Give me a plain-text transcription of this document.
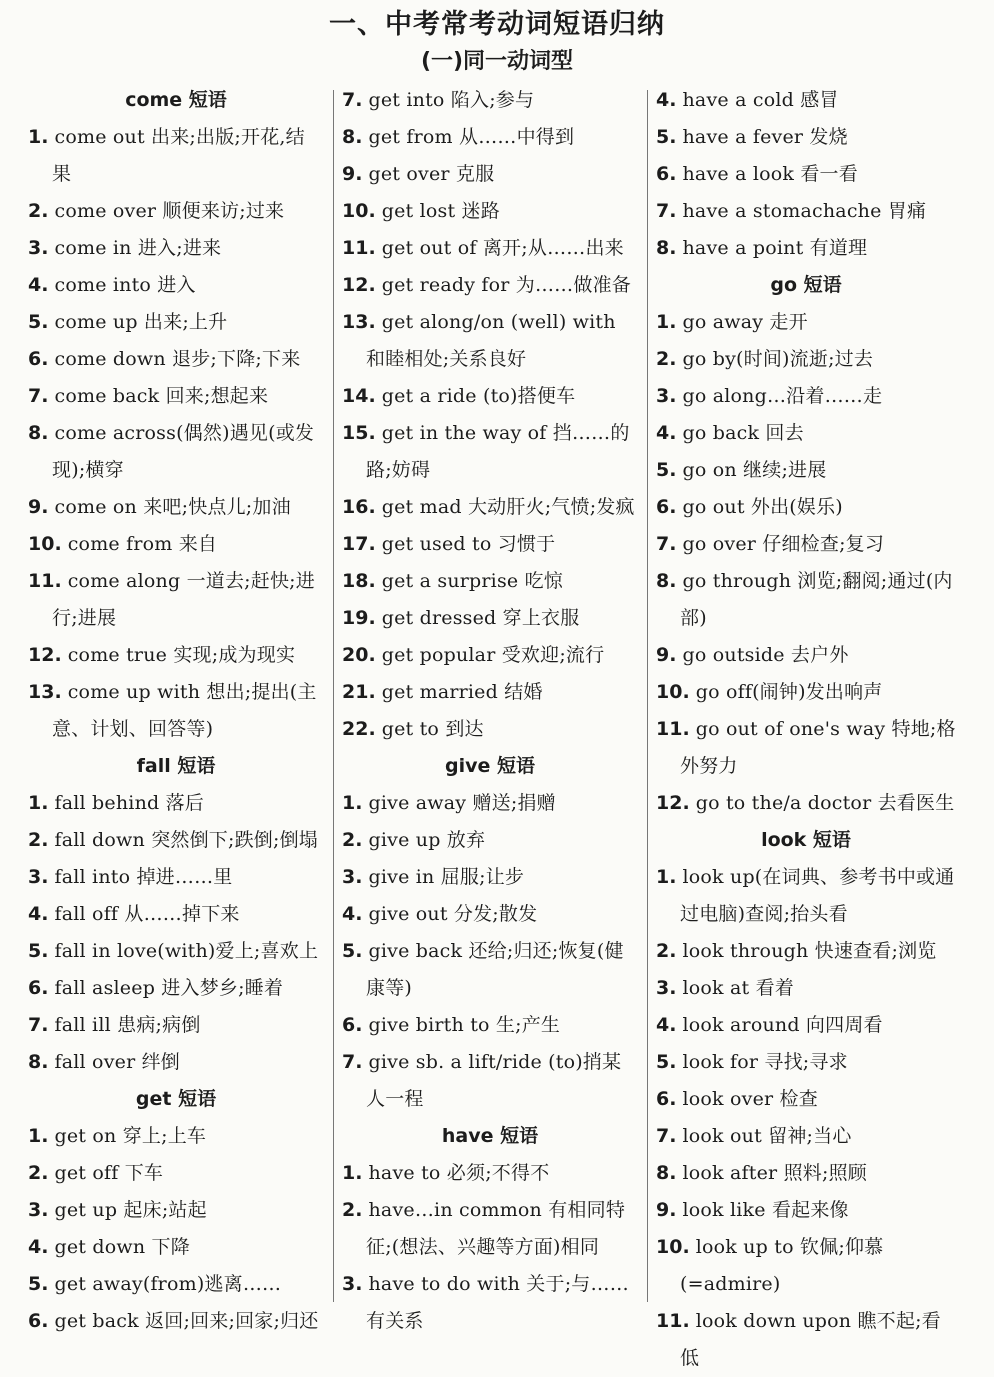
一、中考常考动词短语归纳
(一)同一动词型
come 短语
1. come out 出来;出版;开花,结果
2. come over 顺便来访;过来
3. come in 进入;进来
4. come into 进入
5. come up 出来;上升
6. come down 退步;下降;下来
7. come back 回来;想起来
8. come across(偶然)遇见(或发现);横穿
9. come on 来吧;快点儿;加油
10. come from 来自
11. come along 一道去;赶快;进行;进展
12. come true 实现;成为现实
13. come up with 想出;提出(主意、计划、回答等)
fall 短语
1. fall behind 落后
2. fall down 突然倒下;跌倒;倒塌
3. fall into 掉进……里
4. fall off 从……掉下来
5. fall in love(with)爱上;喜欢上
6. fall asleep 进入梦乡;睡着
7. fall ill 患病;病倒
8. fall over 绊倒
get 短语
1. get on 穿上;上车
2. get off 下车
3. get up 起床;站起
4. get down 下降
5. get away(from)逃离……
6. get back 返回;回来;回家;归还
7. get into 陷入;参与
8. get from 从……中得到
9. get over 克服
10. get lost 迷路
11. get out of 离开;从……出来
12. get ready for 为……做准备
13. get along/on (well) with 和睦相处;关系良好
14. get a ride (to)搭便车
15. get in the way of 挡……的路;妨碍
16. get mad 大动肝火;气愤;发疯
17. get used to 习惯于
18. get a surprise 吃惊
19. get dressed 穿上衣服
20. get popular 受欢迎;流行
21. get married 结婚
22. get to 到达
give 短语
1. give away 赠送;捐赠
2. give up 放弃
3. give in 屈服;让步
4. give out 分发;散发
5. give back 还给;归还;恢复(健康等)
6. give birth to 生;产生
7. give sb. a lift/ride (to)捎某人一程
have 短语
1. have to 必须;不得不
2. have…in common 有相同特征;(想法、兴趣等方面)相同
3. have to do with 关于;与……有关系
4. have a cold 感冒
5. have a fever 发烧
6. have a look 看一看
7. have a stomachache 胃痛
8. have a point 有道理
go 短语
1. go away 走开
2. go by(时间)流逝;过去
3. go along…沿着……走
4. go back 回去
5. go on 继续;进展
6. go out 外出(娱乐)
7. go over 仔细检查;复习
8. go through 浏览;翻阅;通过(内部)
9. go outside 去户外
10. go off(闹钟)发出响声
11. go out of one's way 特地;格外努力
12. go to the/a doctor 去看医生
look 短语
1. look up(在词典、参考书中或通过电脑)查阅;抬头看
2. look through 快速查看;浏览
3. look at 看着
4. look around 向四周看
5. look for 寻找;寻求
6. look over 检查
7. look out 留神;当心
8. look after 照料;照顾
9. look like 看起来像
10. look up to 钦佩;仰慕(=admire)
11. look down upon 瞧不起;看低
